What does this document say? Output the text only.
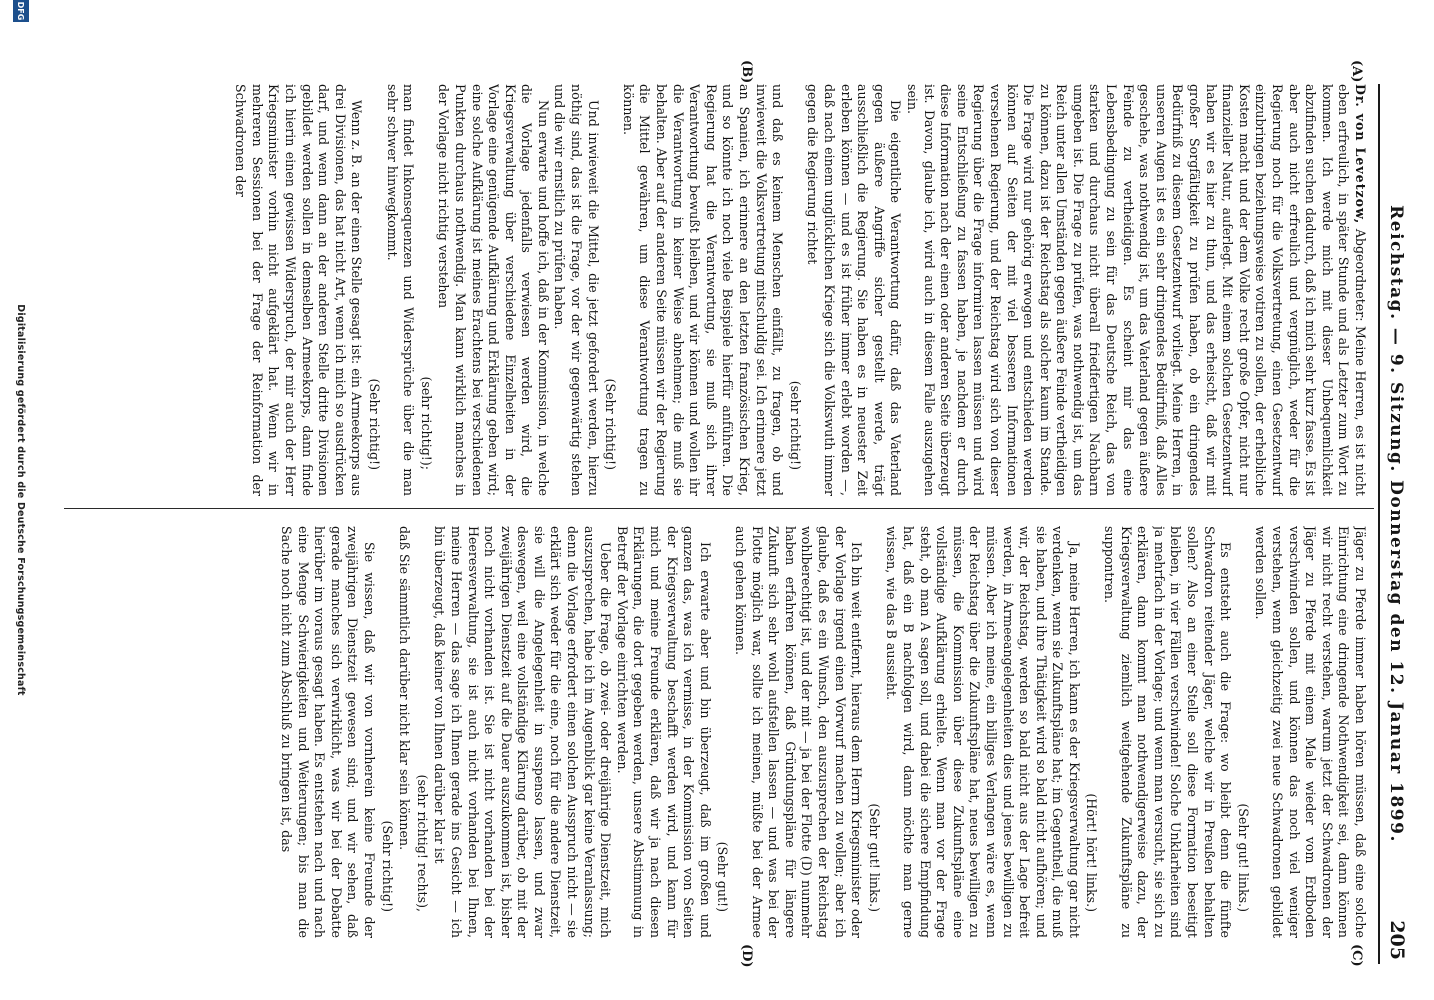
Reichstag. — 9. Sitzung. Donnerstag den 12. Januar 1899.
205
(A)
(B)
(C)
(D)

Dr. von Levetzow, Abgeordneter: Meine Herren, es ist nicht eben erfreulich, in später Stunde und als Letzter zum Wort zu kommen. Ich werde mich mit dieser Unbequemlichkeit abzufinden suchen dadurch, daß ich mich sehr kurz fasse. Es ist aber auch nicht erfreulich und vergnüglich, weder für die Regierung noch für die Volksvertretung, einen Gesetzentwurf einzubringen beziehungsweise votiren zu sollen, der erhebliche Kosten macht und der dem Volke recht große Opfer, nicht nur finanzieller Natur, auferlegt. Mit einem solchen Gesetzentwurf haben wir es hier zu thun, und das erheischt, daß wir mit großer Sorgfältigkeit zu prüfen haben, ob ein dringendes Bedürfniß zu diesem Gesetzentwurf vorliegt. Meine Herren, in unseren Augen ist es ein sehr dringendes Bedürfniß, daß Alles geschehe, was nothwendig ist, um das Vaterland gegen äußere Feinde zu vertheidigen. Es scheint mir das eine Lebensbedingung zu sein für das Deutsche Reich, das von starken und durchaus nicht überall friedfertigen Nachbarn umgeben ist. Die Frage zu prüfen, was nothwendig ist, um das Reich unter allen Umständen gegen äußere Feinde vertheidigen zu können, dazu ist der Reichstag als solcher kaum im Stande. Die Frage wird nur gehörig erwogen und entschieden werden können auf Seiten der mit viel besseren Informationen versehenen Regierung, und der Reichstag wird sich von dieser Regierung über die Frage informiren lassen müssen und wird seine Entschließung zu fassen haben, je nachdem er durch diese Information nach der einen oder anderen Seite überzeugt ist. Davon, glaube ich, wird auch in diesem Falle auszugehen sein.

Die eigentliche Verantwortung dafür, daß das Vaterland gegen äußere Angriffe sicher gestellt werde, trägt ausschließlich die Regierung. Sie haben es in neuester Zeit erleben können — und es ist früher immer erlebt worden —, daß nach einem unglücklichen Kriege sich die Volkswuth immer gegen die Regierung richtet

(sehr richtig!)

und daß es keinem Menschen einfällt, zu fragen, ob und inwieweit die Volksvertretung mitschuldig sei. Ich erinnere jetzt an Spanien, ich erinnere an den letzten französischen Krieg, und so könnte ich noch viele Beispiele hierfür anführen. Die Regierung hat die Verantwortung, sie muß sich ihrer Verantwortung bewußt bleiben, und wir können und wollen ihr die Verantwortung in keiner Weise abnehmen; die muß sie behalten. Aber auf der anderen Seite müssen wir der Regierung die Mittel gewähren, um diese Verantwortung tragen zu können.

(Sehr richtig!)

Und inwieweit die Mittel, die jetzt gefordert werden, hierzu nöthig sind, das ist die Frage, vor der wir gegenwärtig stehen und die wir ernstlich zu prüfen haben.

Nun erwarte und hoffe ich, daß in der Kommission, in welche die Vorlage jedenfalls verwiesen werden wird, die Kriegsverwaltung über verschiedene Einzelheiten in der Vorlage eine genügende Aufklärung und Erklärung geben wird; eine solche Aufklärung ist meines Erachtens bei verschiedenen Punkten durchaus nothwendig. Man kann wirklich manches in der Vorlage nicht richtig verstehen

(sehr richtig!);

man findet Inkonsequenzen und Widersprüche über die man sehr schwer hinwegkommt.

(Sehr richtig!)

Wenn z. B. an der einen Stelle gesagt ist: ein Armeekorps aus drei Divisionen, das hat nicht Art, wenn ich mich so ausdrücken darf, und wenn dann an der anderen Stelle dritte Divisionen gebildet werden sollen in demselben Armeekorps, dann finde ich hierin einen gewissen Widerspruch, der mir auch der Herr Kriegsminister vorhin nicht aufgeklärt hat. Wenn wir in mehreren Sessionen bei der Frage der Reinformation der Schwadronen der

Jäger zu Pferde immer haben hören müssen, daß eine solche Einrichtung eine dringende Nothwendigkeit sei, dann können wir nicht recht verstehen, warum jetzt der Schwadronen der Jäger zu Pferde mit einem Male wieder vom Erdboden verschwinden sollen, und können das noch viel weniger verstehen, wenn gleichzeitig zwei neue Schwadronen gebildet werden sollen.

(Sehr gut! links.)

Es entsteht auch die Frage: wo bleibt denn die fünfte Schwadron reitender Jäger, welche wir in Preußen behalten sollen? Also an einer Stelle soll diese Formation beseitigt bleiben, in vier Fällen verschwinden! Solche Unklarheiten sind ja mehrfach in der Vorlage; und wenn man versucht, sie sich zu erklären, dann kommt man nothwendigerweise dazu, der Kriegsverwaltung ziemlich weitgehende Zukunftspläne zu suppontren.

(Hört! hört! links.)

Ja, meine Herren, ich kann es der Kriegsverwaltung gar nicht verdenken, wenn sie Zukunftspläne hat; im Gegentheil, die muß sie haben, und ihre Thätigkeit wird so bald nicht aufhören; und wir, der Reichstag, werden so bald nicht aus der Lage befreit werden, in Armeeangelegenheiten dies und jenes bewilligen zu müssen. Aber ich meine, ein billiges Verlangen wäre es, wenn der Reichstag über die Zukunftspläne hat, neues bewilligen zu müssen, die Kommission über diese Zukunftspläne eine vollständige Aufklärung erhielte. Wenn man vor der Frage steht, ob man A sagen soll, und dabei die sichere Empfindung hat, daß ein B nachfolgen wird, dann möchte man gerne wissen, wie das B aussieht.

(Sehr gut! links.)

Ich bin weit entfernt, hieraus dem Herrn Kriegsminister oder der Vorlage irgend einen Vorwurf machen zu wollen; aber ich glaube, daß es ein Wunsch, den auszusprechen der Reichstag wohlberechtigt ist, und der mit — ja bei der Flotte (D) nunmehr haben erfahren können, daß Gründungspläne für längere Zukunft sich sehr wohl aufstellen lassen — und was bei der Flotte möglich war, sollte ich meinen, müßte bei der Armee auch gehen können.

(Sehr gut!)

Ich erwarte aber und bin überzeugt, daß im großen und ganzen das, was ich vermisse, in der Kommission von Seiten der Kriegsverwaltung beschafft werden wird, und kann für mich und meine Freunde erklären, daß wir ja nach diesen Erklärungen, die dort gegeben werden, unsere Abstimmung in Betreff der Vorlage einrichten werden.

Ueber die Frage, ob zwei- oder dreijährige Dienstzeit, mich auszusprechen, habe ich im Augenblick gar keine Veranlassung; denn die Vorlage erfordert einen solchen Ausspruch nicht — sie erklärt sich weder für die eine, noch für die andere Dienstzeit, sie will die Angelegenheit in suspenso lassen, und zwar deswegen, weil eine vollständige Klärung darüber, ob mit der zweijährigen Dienstzeit auf die Dauer auszukommen ist, bisher noch nicht vorhanden ist. Sie ist nicht vorhanden bei der Heeresverwaltung, sie ist auch nicht vorhanden bei Ihnen, meine Herren — das sage ich Ihnen gerade ins Gesicht — ich bin überzeugt, daß keiner von Ihnen darüber klar ist

(sehr richtig! rechts),

daß Sie sämmtlich darüber nicht klar sein können.

(Sehr richtig!)

Sie wissen, daß wir von vornherein keine Freunde der zweijährigen Dienstzeit gewesen sind; und wir sehen, daß gerade manches sich verwirklicht, was wir bei der Debatte hierüber im voraus gesagt haben. Es entstehen nach und nach eine Menge Schwierigkeiten und Weiterungen; bis man die Sache noch nicht zum Abschluß zu bringen ist, das

DFG
Digitalisierung gefördert durch die Deutsche Forschungsgemeinschaft
